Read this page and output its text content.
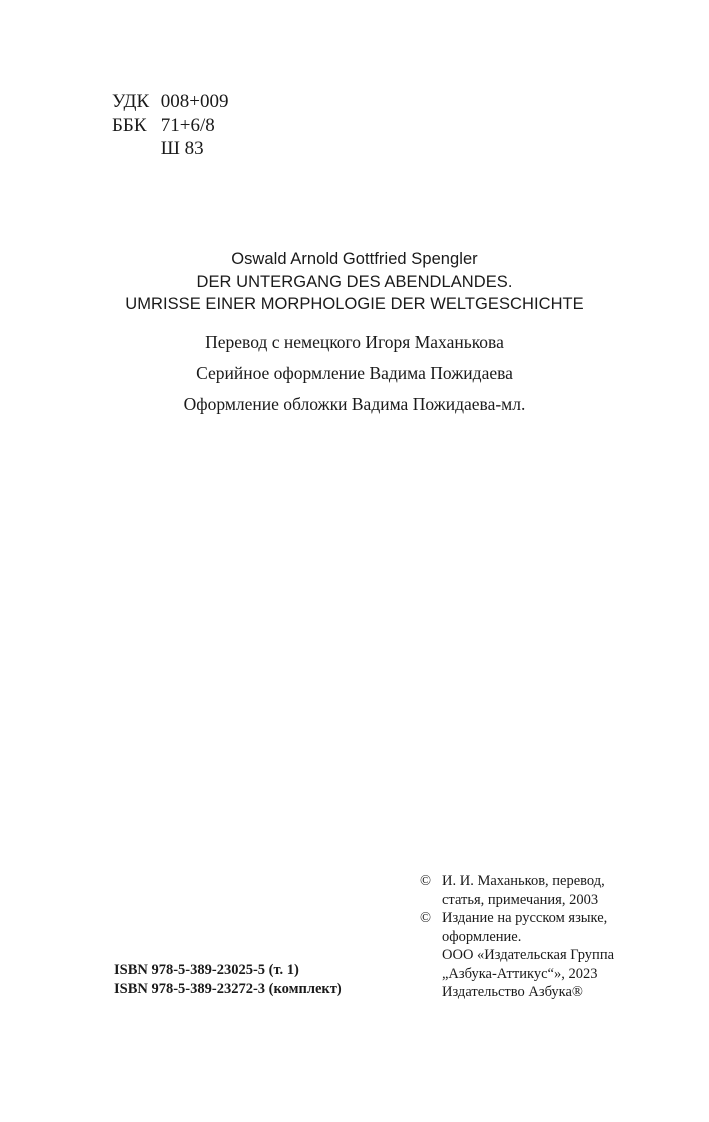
УДК 008+009
ББК 71+6/8
Ш 83
Oswald Arnold Gottfried Spengler
DER UNTERGANG DES ABENDLANDES.
UMRISSE EINER MORPHOLOGIE DER WELTGESCHICHTE
Перевод с немецкого Игоря Маханькова
Серийное оформление Вадима Пожидаева
Оформление обложки Вадима Пожидаева-мл.
ISBN 978-5-389-23025-5 (т. 1)
ISBN 978-5-389-23272-3 (комплект)
© И. И. Маханьков, перевод,
статья, примечания, 2003
© Издание на русском языке,
оформление.
ООО «Издательская Группа
„Азбука-Аттикус“», 2023
Издательство Азбука®
